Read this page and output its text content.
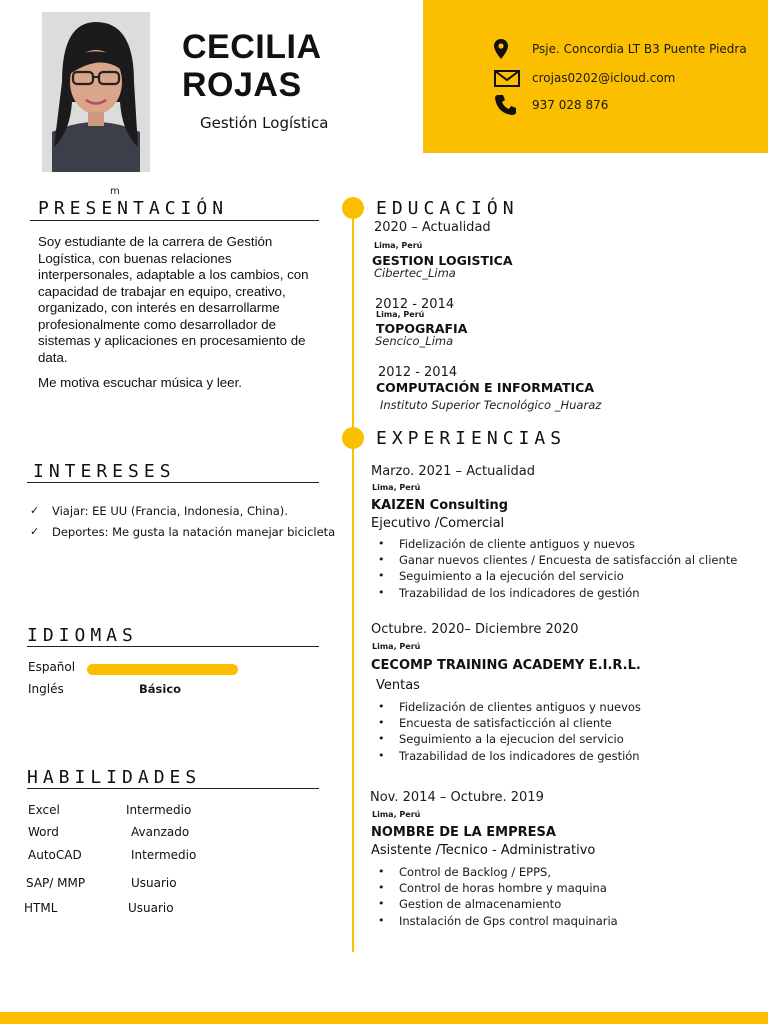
CECILIA
ROJAS
Gestión Logística
Psje. Concordia LT B3 Puente Piedra
crojas0202@icloud.com
937 028 876
m
PRESENTACIÓN

Soy estudiante de la carrera de Gestión Logística, con buenas relaciones interpersonales, adaptable a los cambios, con capacidad de trabajar en equipo, creativo, organizado, con interés en desarrollarme profesionalmente como desarrollador de sistemas y aplicaciones en procesamiento de data.

Me motiva escuchar música y leer.

INTERESES
✓	Viajar: EE UU (Francia, Indonesia, China).
✓	Deportes: Me gusta la natación manejar bicicleta
IDIOMAS
Español
Inglés	Básico
HABILIDADES
Excel	Intermedio
Word	Avanzado
AutoCAD	Intermedio
SAP/ MMP	Usuario
HTML	Usuario
EDUCACIÓN
2020 – Actualidad
Lima, Perú
GESTION LOGISTICA
Cibertec_Lima
2012 - 2014
Lima, Perú
TOPOGRAFIA
Sencico_Lima
2012 - 2014
COMPUTACIÓN E INFORMATICA
Instituto Superior Tecnológico _Huaraz
EXPERIENCIAS
Marzo. 2021 – Actualidad
Lima, Perú
KAIZEN Consulting
Ejecutivo /Comercial
• Fidelización de cliente antiguos y nuevos
• Ganar nuevos clientes / Encuesta de satisfacción al cliente
• Seguimiento a la ejecución del servicio
• Trazabilidad de los indicadores de gestión
Octubre. 2020– Diciembre 2020
Lima, Perú
CECOMP TRAINING ACADEMY E.I.R.L.
Ventas
• Fidelización de clientes antiguos y nuevos
• Encuesta de satisfacticción al cliente
• Seguimiento a la ejecucion del servicio
• Trazabilidad de los indicadores de gestión
Nov. 2014 – Octubre. 2019
Lima, Perú
NOMBRE DE LA EMPRESA
Asistente /Tecnico - Administrativo
• Control de Backlog / EPPS,
• Control de horas hombre y maquina
• Gestion de almacenamiento
• Instalación de Gps control maquinaria
